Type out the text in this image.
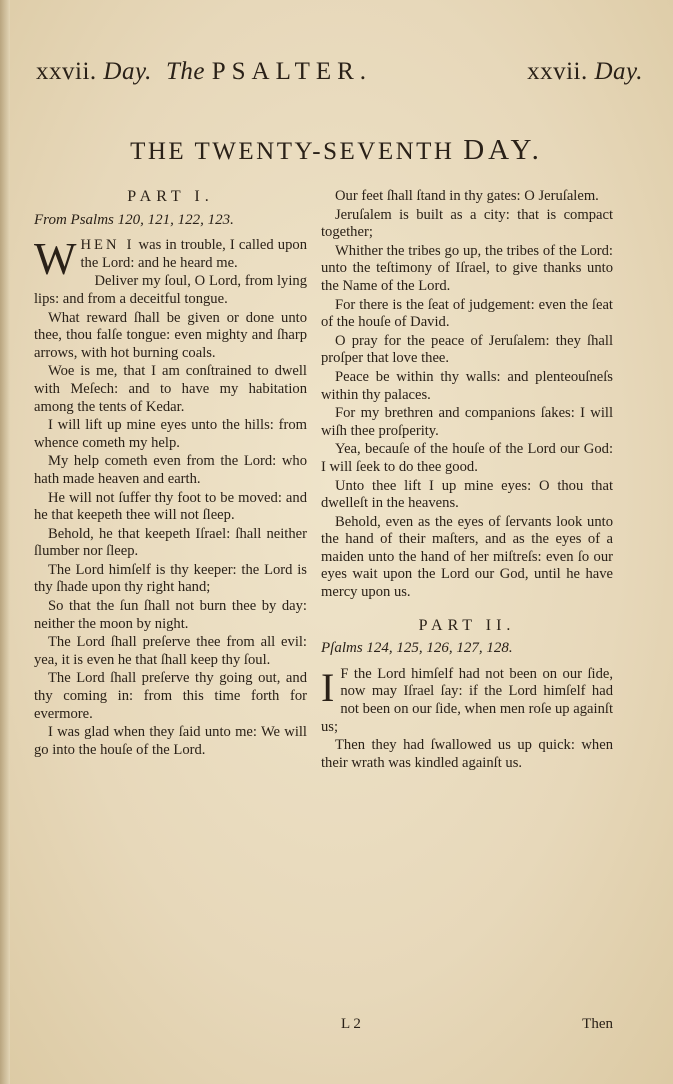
xxvii. Day. The PSALTER.	xxvii. Day.
THE TWENTY-SEVENTH DAY.
PART I.
From Psalms 120, 121, 122, 123.

WHEN I was in trouble, I called upon the Lord: and he heard me.

Deliver my ſoul, O Lord, from lying lips: and from a deceitful tongue.

What reward ſhall be given or done unto thee, thou falſe tongue: even mighty and ſharp arrows, with hot burning coals.

Woe is me, that I am conſtrained to dwell with Meſech: and to have my habitation among the tents of Kedar.

I will lift up mine eyes unto the hills: from whence cometh my help.

My help cometh even from the Lord: who hath made heaven and earth.

He will not ſuffer thy foot to be moved: and he that keepeth thee will not ſleep.

Behold, he that keepeth Iſrael: ſhall neither ſlumber nor ſleep.

The Lord himſelf is thy keeper: the Lord is thy ſhade upon thy right hand;

So that the ſun ſhall not burn thee by day: neither the moon by night.

The Lord ſhall preſerve thee from all evil: yea, it is even he that ſhall keep thy ſoul.

The Lord ſhall preſerve thy going out, and thy coming in: from this time forth for evermore.

I was glad when they ſaid unto me: We will go into the houſe of the Lord.

Our feet ſhall ſtand in thy gates: O Jeruſalem.

Jeruſalem is built as a city: that is compact together;

Whither the tribes go up, the tribes of the Lord: unto the teſtimony of Iſrael, to give thanks unto the Name of the Lord.

For there is the ſeat of judgement: even the ſeat of the houſe of David.

O pray for the peace of Jeruſalem: they ſhall proſper that love thee.

Peace be within thy walls: and plenteouſneſs within thy palaces.

For my brethren and companions ſakes: I will wiſh thee proſperity.

Yea, becauſe of the houſe of the Lord our God: I will ſeek to do thee good.

Unto thee lift I up mine eyes: O thou that dwelleſt in the heavens.

Behold, even as the eyes of ſervants look unto the hand of their maſters, and as the eyes of a maiden unto the hand of her miſtreſs: even ſo our eyes wait upon the Lord our God, until he have mercy upon us.

PART II.
Pſalms 124, 125, 126, 127, 128.

I F the Lord himſelf had not been on our ſide, now may Iſrael ſay: if the Lord himſelf had not been on our ſide, when men roſe up againſt us;

Then they had ſwallowed us up quick: when their wrath was kindled againſt us.

L 2	Then
